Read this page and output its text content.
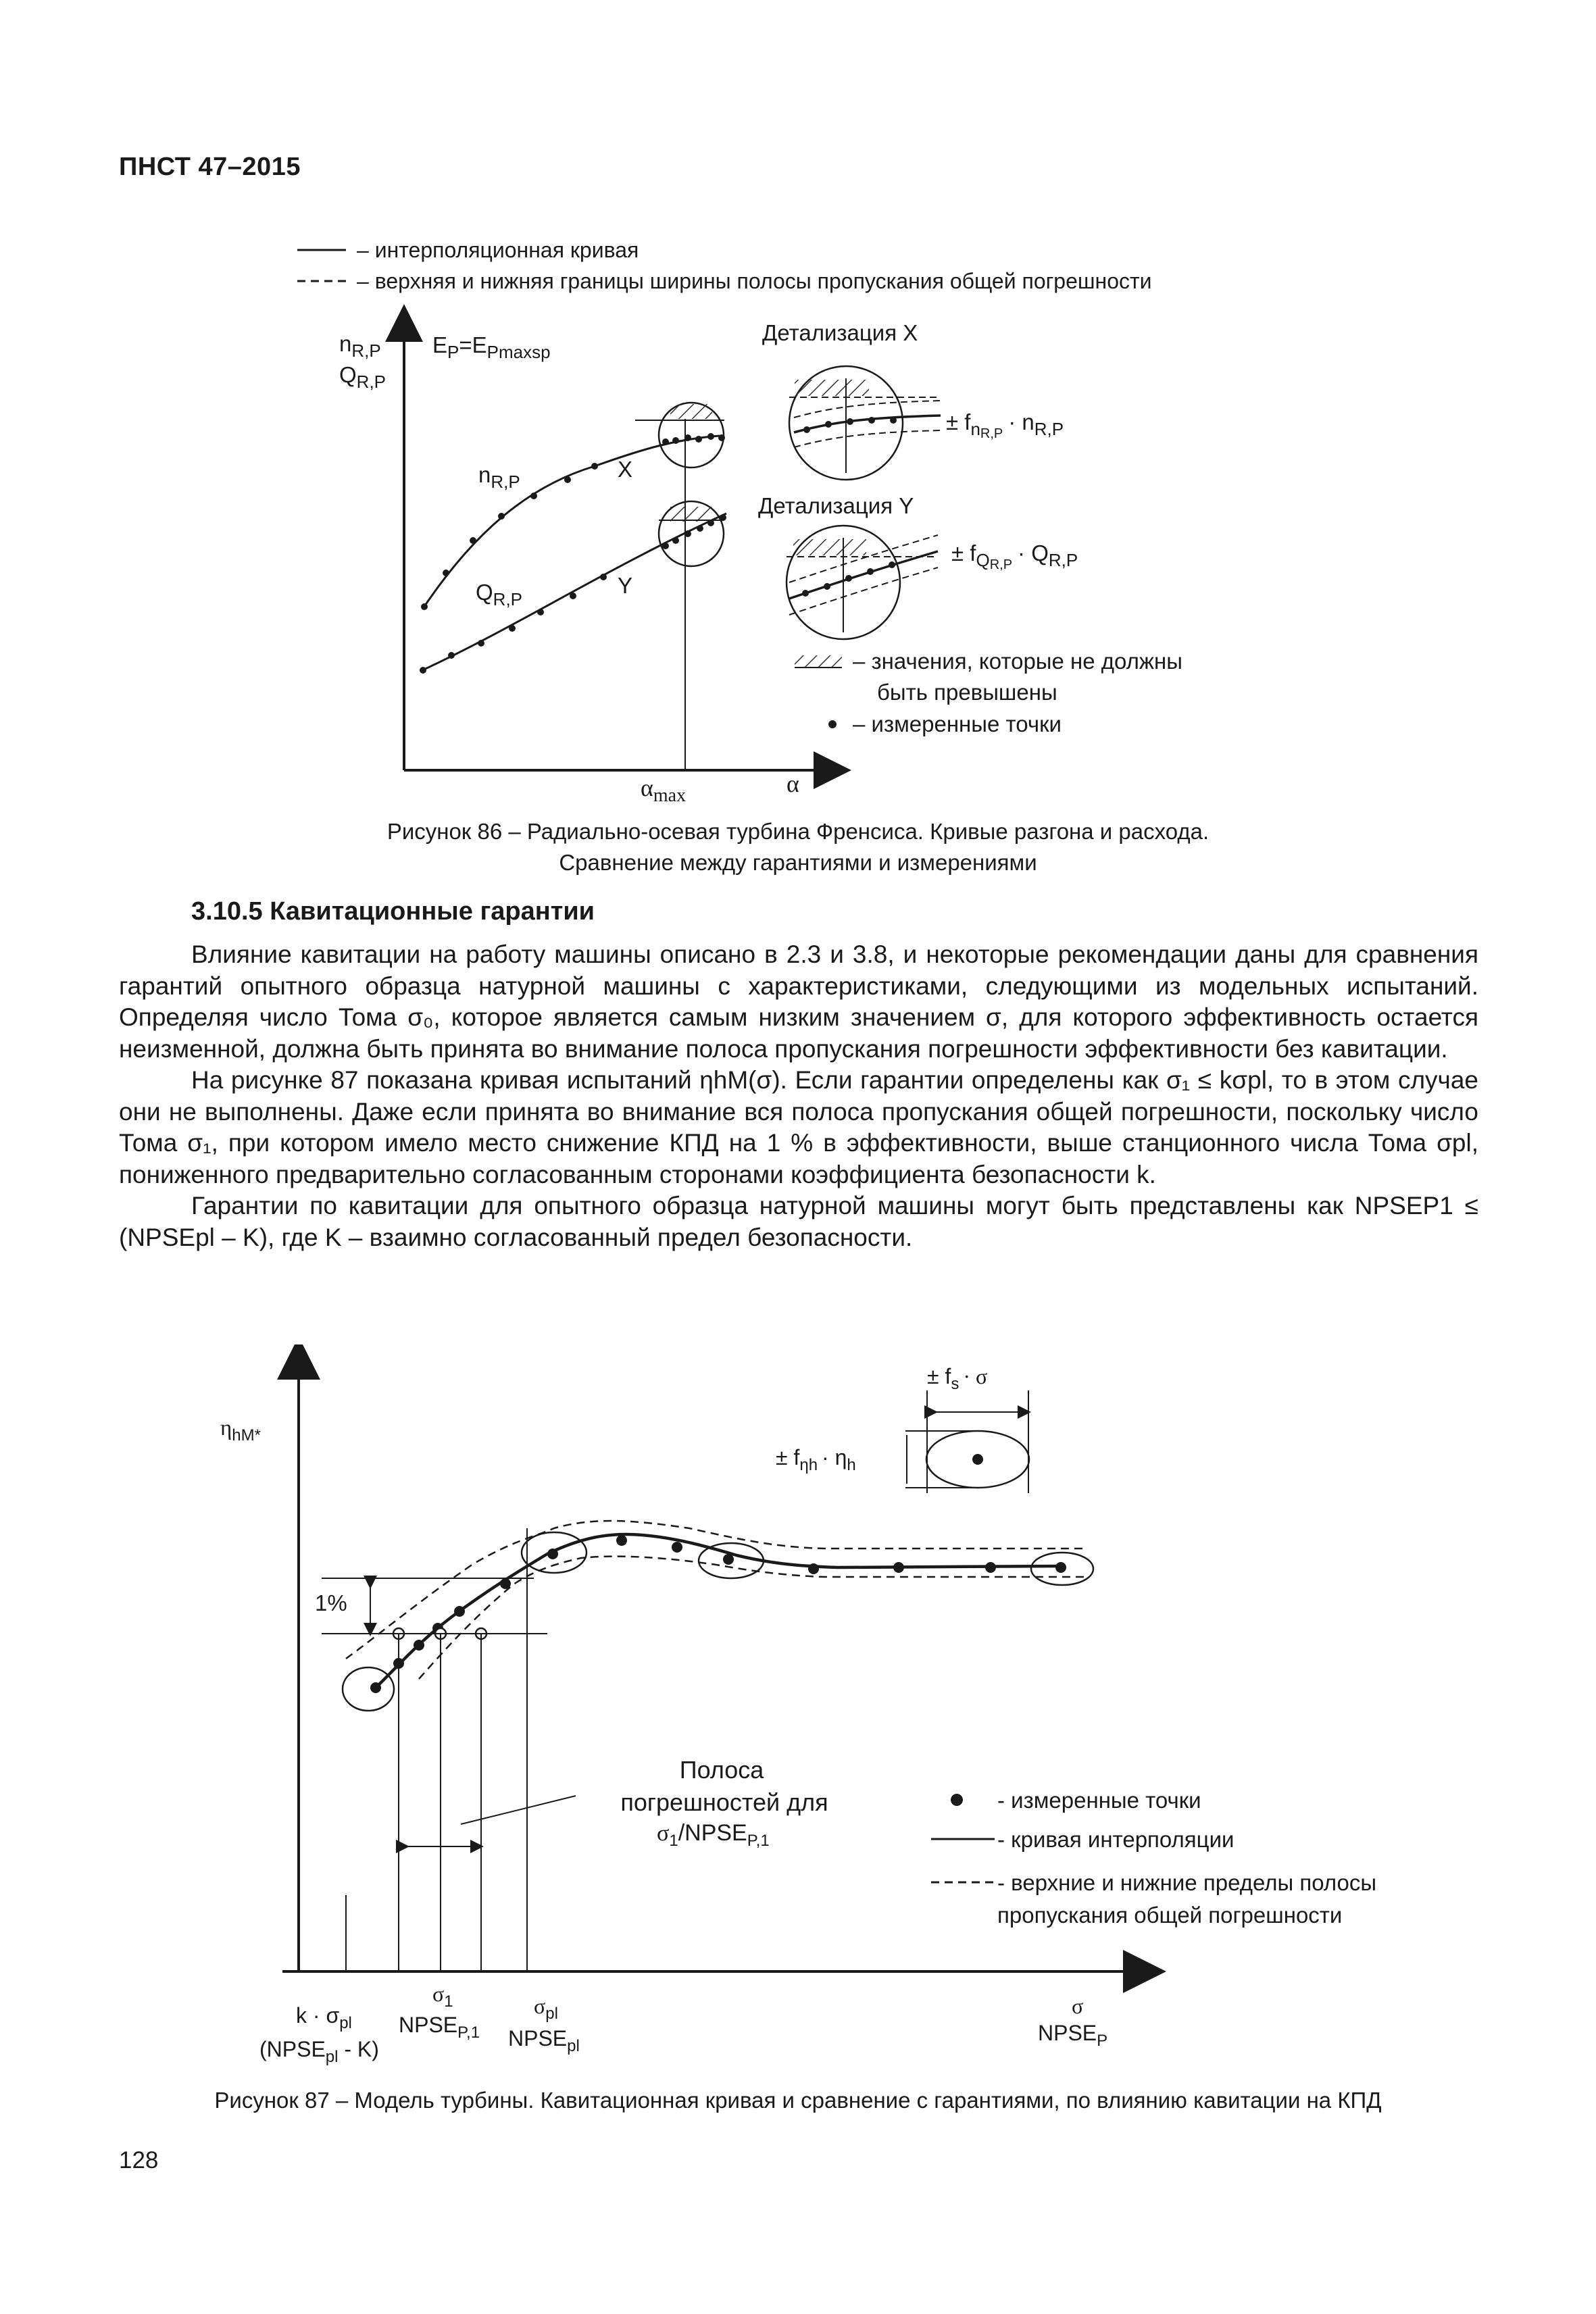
ПНСТ 47–2015
– интерполяционная кривая
– верхняя и нижняя границы ширины полосы пропускания общей погрешности
$n_{R,P}$
$Q_{R,P}$
$E_P=E_{Pmaxsp}$
$n_{R,P}$	X
$Q_{R,P}$
Y
Детализация X
± $f_nR,P \cdot n_{R,P}$
Детализация Y
± $f_QR,P \cdot Q_{R,P}$
– значения, которые не должны
быть превышены
– измеренные точки
$\alpha_{max}$	α
Рисунок 86 – Радиально-осевая турбина Френсиса. Кривые разгона и расхода.
Сравнение между гарантиями и измерениями
3.10.5 Кавитационные гарантии

Влияние кавитации на работу машины описано в 2.3 и 3.8, и некоторые рекомендации даны для сравнения гарантий опытного образца натурной машины с характеристиками, следующими из модельных испытаний. Определяя число Тома σ₀, которое является самым низким значением σ, для которого эффективность остается неизменной, должна быть принята во внимание полоса пропускания погрешности эффективности без кавитации.

На рисунке 87 показана кривая испытаний ηhM(σ). Если гарантии определены как σ₁ ≤ kσpl, то в этом случае они не выполнены. Даже если принята во внимание вся полоса пропускания общей погрешности, поскольку число Тома σ₁, при котором имело место снижение КПД на 1 % в эффективности, выше станционного числа Тома σpl, пониженного предварительно согласованным сторонами коэффициента безопасности k.

Гарантии по кавитации для опытного образца натурной машины могут быть представлены как NPSEP1 ≤ (NPSEpl – K), где K – взаимно согласованный предел безопасности.

$\eta_{hM*}$
± $f_s \cdot \sigma$
± $f_{\eta h} \cdot \eta_h$
1%
Полоса
погрешностей для
$\sigma_1/NPSE_{P,1}$
- измеренные точки
- кривая интерполяции
- верхние и нижние пределы полосы
пропускания общей погрешности
$k \cdot \sigma_{pl}$
$(NPSE_{pl} - K)$
$\sigma_1$
$NPSE_{P,1}$
$\sigma_{pl}$
$NPSE_{pl}$
σ
$NPSE_P$
Рисунок 87 – Модель турбины. Кавитационная кривая и сравнение с гарантиями, по влиянию кавитации на КПД
128
